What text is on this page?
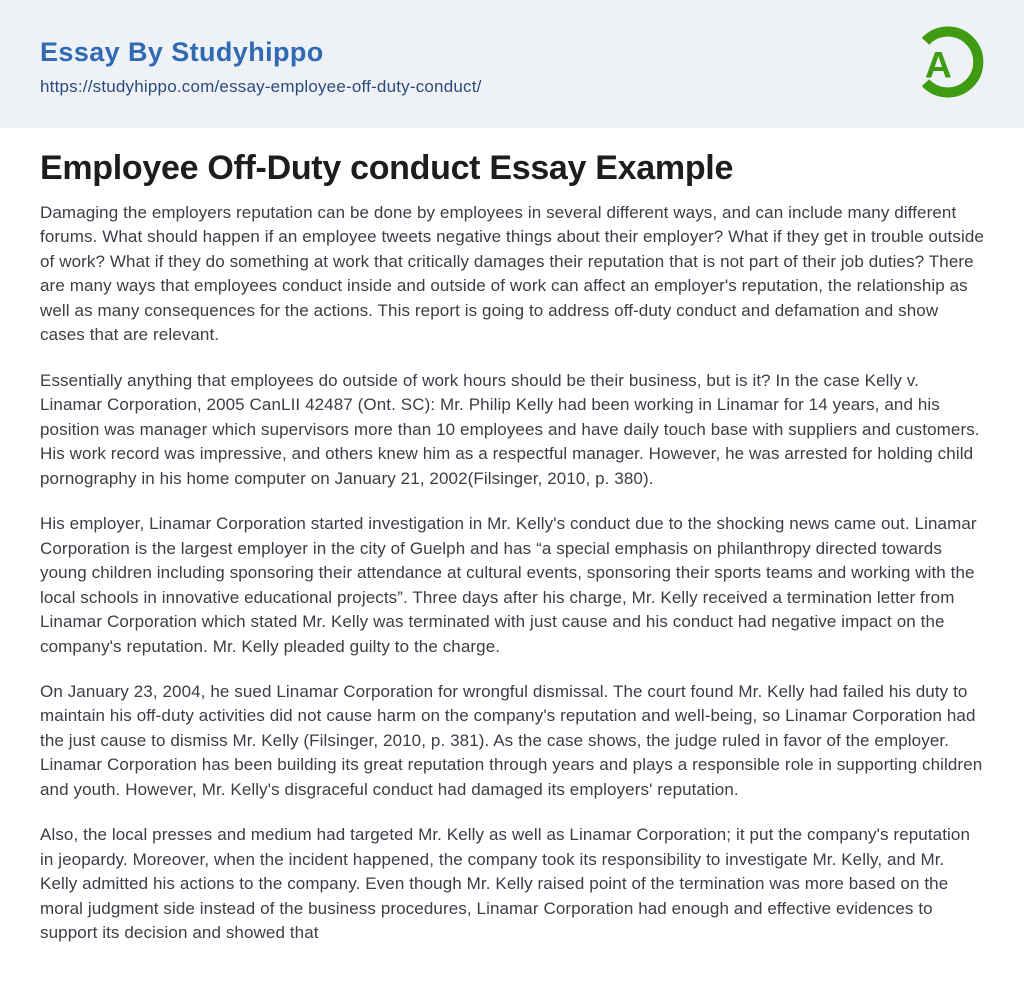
Essay By Studyhippo
https://studyhippo.com/essay-employee-off-duty-conduct/
A
Employee Off-Duty conduct Essay Example

Damaging the employers reputation can be done by employees in several different ways, and can include many different forums. What should happen if an employee tweets negative things about their employer? What if they get in trouble outside of work? What if they do something at work that critically damages their reputation that is not part of their job duties? There are many ways that employees conduct inside and outside of work can affect an employer's reputation, the relationship as well as many consequences for the actions. This report is going to address off-duty conduct and defamation and show cases that are relevant.

Essentially anything that employees do outside of work hours should be their business, but is it? In the case Kelly v. Linamar Corporation, 2005 CanLII 42487 (Ont. SC): Mr. Philip Kelly had been working in Linamar for 14 years, and his position was manager which supervisors more than 10 employees and have daily touch base with suppliers and customers. His work record was impressive, and others knew him as a respectful manager. However, he was arrested for holding child pornography in his home computer on January 21, 2002(Filsinger, 2010, p. 380).

His employer, Linamar Corporation started investigation in Mr. Kelly's conduct due to the shocking news came out. Linamar Corporation is the largest employer in the city of Guelph and has “a special emphasis on philanthropy directed towards young children including sponsoring their attendance at cultural events, sponsoring their sports teams and working with the local schools in innovative educational projects”. Three days after his charge, Mr. Kelly received a termination letter from Linamar Corporation which stated Mr. Kelly was terminated with just cause and his conduct had negative impact on the company's reputation. Mr. Kelly pleaded guilty to the charge.

On January 23, 2004, he sued Linamar Corporation for wrongful dismissal. The court found Mr. Kelly had failed his duty to maintain his off-duty activities did not cause harm on the company's reputation and well-being, so Linamar Corporation had the just cause to dismiss Mr. Kelly (Filsinger, 2010, p. 381). As the case shows, the judge ruled in favor of the employer. Linamar Corporation has been building its great reputation through years and plays a responsible role in supporting children and youth. However, Mr. Kelly's disgraceful conduct had damaged its employers' reputation.

Also, the local presses and medium had targeted Mr. Kelly as well as Linamar Corporation; it put the company's reputation in jeopardy. Moreover, when the incident happened, the company took its responsibility to investigate Mr. Kelly, and Mr. Kelly admitted his actions to the company. Even though Mr. Kelly raised point of the termination was more based on the moral judgment side instead of the business procedures, Linamar Corporation had enough and effective evidences to support its decision and showed that
